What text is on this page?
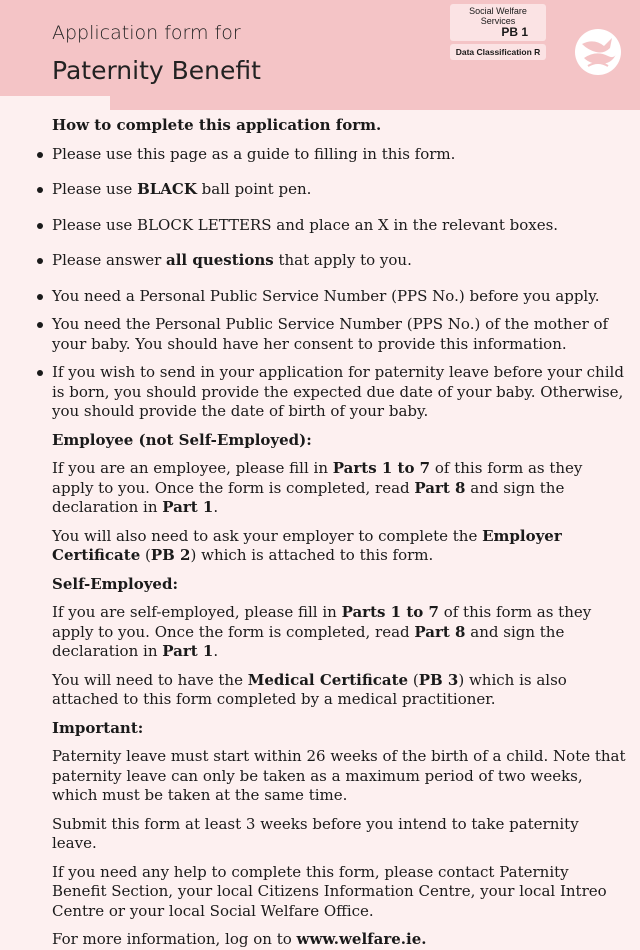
Application form for
Paternity Benefit
Social Welfare Services
PB 1
Data Classification R

How to complete this application form.

Please use this page as a guide to filling in this form.
Please use BLACK ball point pen.
Please use BLOCK LETTERS and place an X in the relevant boxes.
Please answer all questions that apply to you.
You need a Personal Public Service Number (PPS No.) before you apply.
You need the Personal Public Service Number (PPS No.) of the mother of your baby. You should have her consent to provide this information.
If you wish to send in your application for paternity leave before your child is born, you should provide the expected due date of your baby. Otherwise, you should provide the date of birth of your baby.

Employee (not Self-Employed):

If you are an employee, please fill in Parts 1 to 7 of this form as they apply to you. Once the form is completed, read Part 8 and sign the declaration in Part 1.

You will also need to ask your employer to complete the Employer Certificate (PB 2) which is attached to this form.

Self-Employed:

If you are self-employed, please fill in Parts 1 to 7 of this form as they apply to you. Once the form is completed, read Part 8 and sign the declaration in Part 1.

You will need to have the Medical Certificate (PB 3) which is also attached to this form completed by a medical practitioner.

Important:

Paternity leave must start within 26 weeks of the birth of a child. Note that paternity leave can only be taken as a maximum period of two weeks, which must be taken at the same time.

Submit this form at least 3 weeks before you intend to take paternity leave.

If you need any help to complete this form, please contact Paternity Benefit Section, your local Citizens Information Centre, your local Intreo Centre or your local Social Welfare Office.

For more information, log on to www.welfare.ie.
